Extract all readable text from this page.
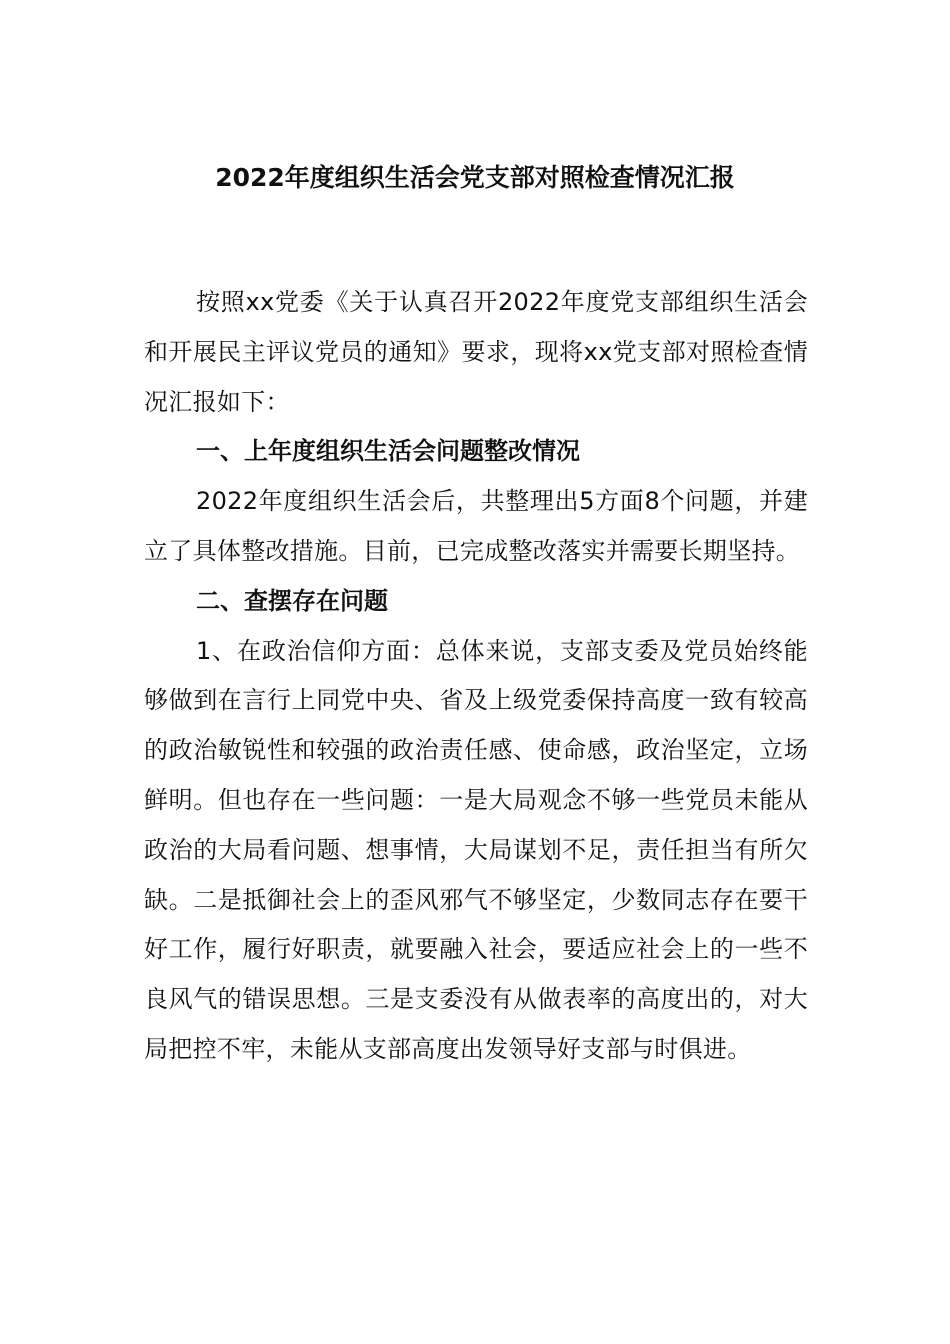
2022年度组织生活会党支部对照检查情况汇报

按照xx党委《关于认真召开2022年度党支部组织生活会和开展民主评议党员的通知》要求，现将xx党支部对照检查情况汇报如下：

一、上年度组织生活会问题整改情况

2022年度组织生活会后，共整理出5方面8个问题，并建立了具体整改措施。目前，已完成整改落实并需要长期坚持。

二、查摆存在问题

1、在政治信仰方面：总体来说，支部支委及党员始终能够做到在言行上同党中央、省及上级党委保持高度一致有较高的政治敏锐性和较强的政治责任感、使命感，政治坚定，立场鲜明。但也存在一些问题：一是大局观念不够一些党员未能从政治的大局看问题、想事情，大局谋划不足，责任担当有所欠缺。二是抵御社会上的歪风邪气不够坚定，少数同志存在要干好工作，履行好职责，就要融入社会，要适应社会上的一些不良风气的错误思想。三是支委没有从做表率的高度出的，对大局把控不牢，未能从支部高度出发领导好支部与时俱进。
